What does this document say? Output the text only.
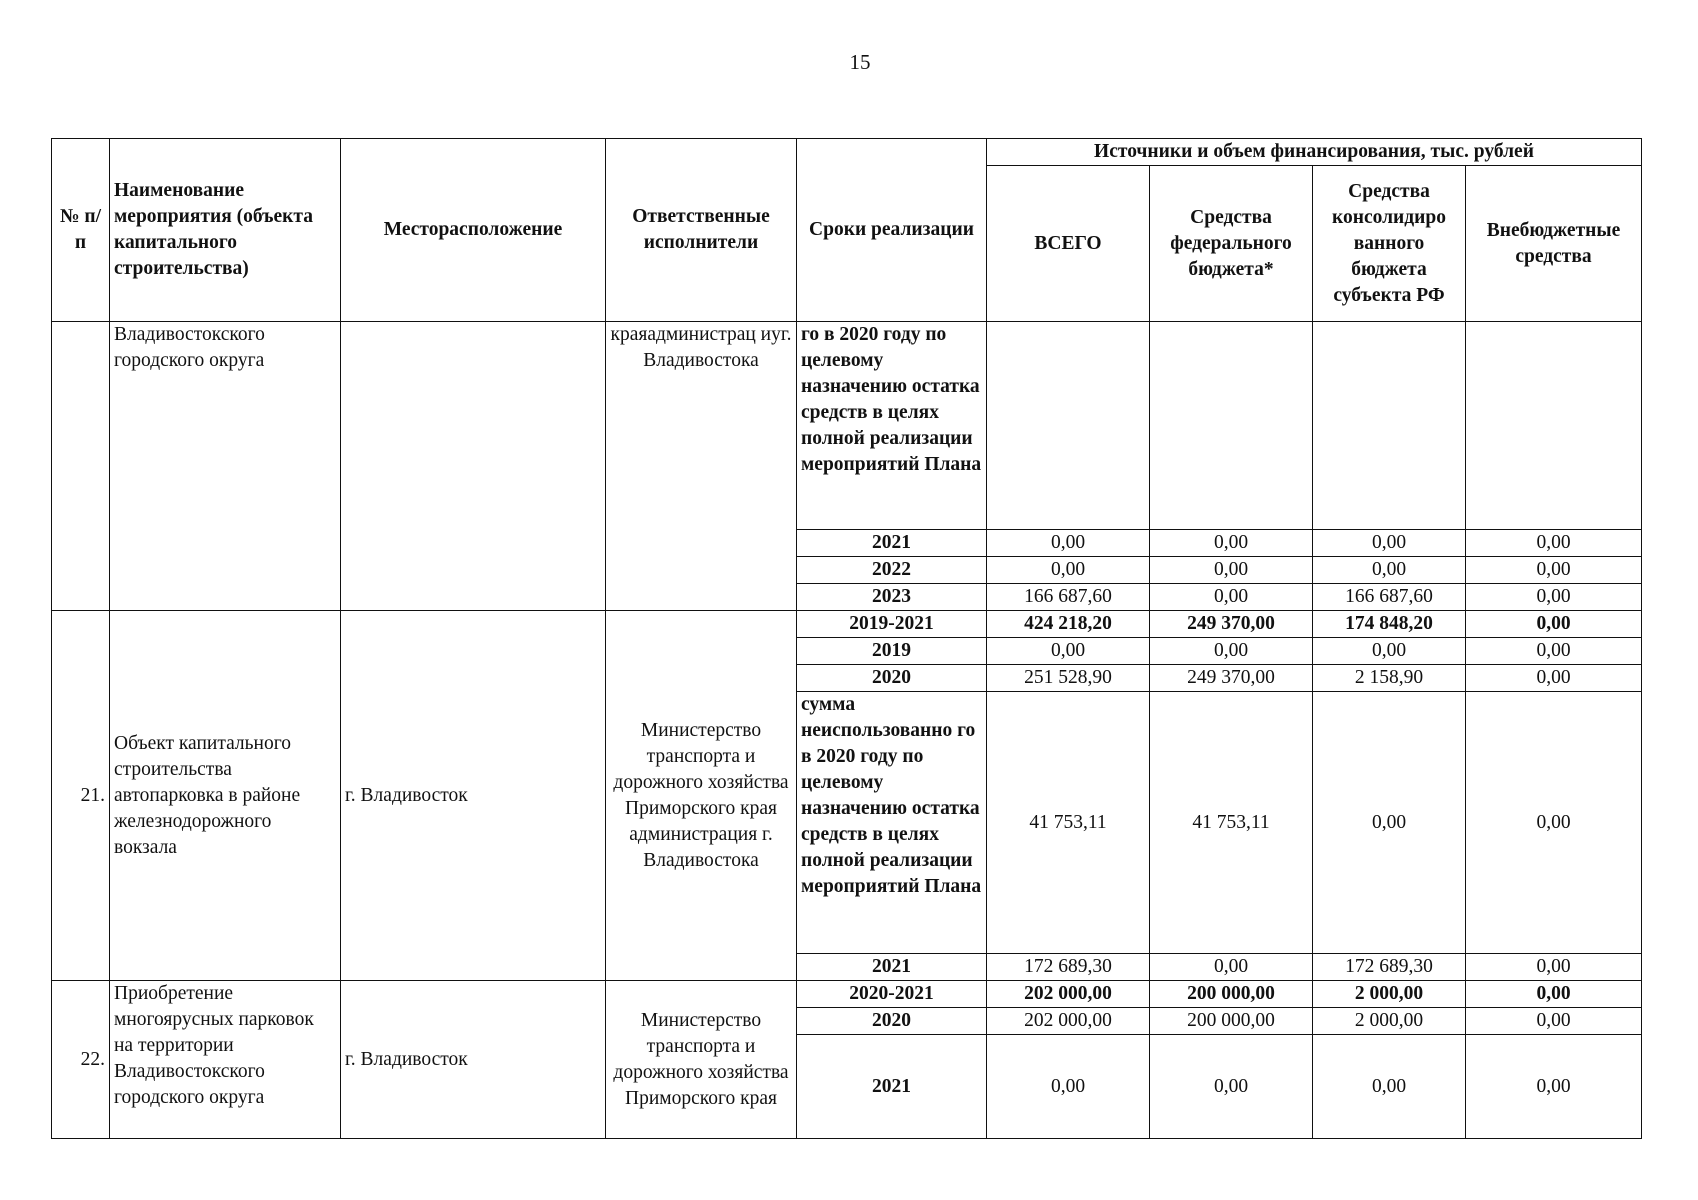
15
№ п/п	Наименование мероприятия (объекта капитального строительства)	Месторасположение	Ответственные исполнители	Сроки реализации	Источники и объем финансирования, тыс. рублей			
					ВСЕГО	Средства федерального бюджета*	Средства консолидиро ванного бюджета субъекта РФ	Внебюджетные средства
	Владивостокского городского округа		краяадминистрац иyг. Владивостока	го в 2020 году по целевому назначению остатка средств в целях полной реализации мероприятий Плана				
				2021	0,00	0,00	0,00	0,00
				2022	0,00	0,00	0,00	0,00
				2023	166 687,60	0,00	166 687,60	0,00
21.	Объект капитального строительства автопарковка в районе железнодорожного вокзала	г. Владивосток	Министерство транспорта и дорожного хозяйства Приморского края администрация г. Владивостока	2019-2021	424 218,20	249 370,00	174 848,20	0,00
				2019	0,00	0,00	0,00	0,00
				2020	251 528,90	249 370,00	2 158,90	0,00
				сумма неиспользованно го в 2020 году по целевому назначению остатка средств в целях полной реализации мероприятий Плана	41 753,11	41 753,11	0,00	0,00
				2021	172 689,30	0,00	172 689,30	0,00
22.	Приобретение многоярусных парковок на территории Владивостокского городского округа	г. Владивосток	Министерство транспорта и дорожного хозяйства Приморского края	2020-2021	202 000,00	200 000,00	2 000,00	0,00
				2020	202 000,00	200 000,00	2 000,00	0,00
				2021	0,00	0,00	0,00	0,00
